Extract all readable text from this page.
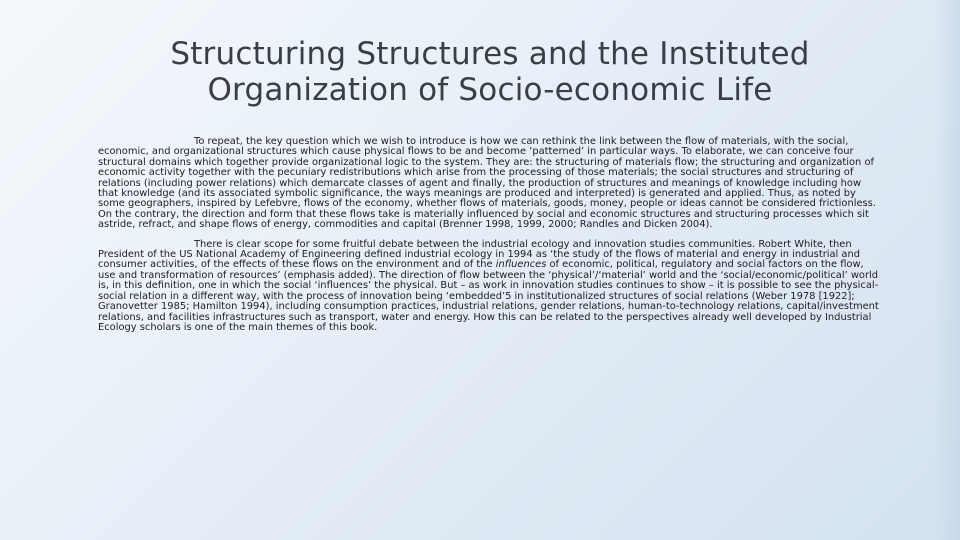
Structuring Structures and the Instituted
Organization of Socio-economic Life

To repeat, the key question which we wish to introduce is how we can rethink the link between the flow of materials, with the social, economic, and organizational structures which cause physical flows to be and become ‘patterned’ in particular ways. To elaborate, we can conceive four structural domains which together provide organizational logic to the system. They are: the structuring of materials flow; the structuring and organization of economic activity together with the pecuniary redistributions which arise from the processing of those materials; the social structures and structuring of relations (including power relations) which demarcate classes of agent and finally, the production of structures and meanings of knowledge including how that knowledge (and its associated symbolic significance, the ways meanings are produced and interpreted) is generated and applied. Thus, as noted by some geographers, inspired by Lefebvre, flows of the economy, whether flows of materials, goods, money, people or ideas cannot be considered frictionless. On the contrary, the direction and form that these flows take is materially influenced by social and economic structures and structuring processes which sit astride, refract, and shape flows of energy, commodities and capital (Brenner 1998, 1999, 2000; Randles and Dicken 2004).

There is clear scope for some fruitful debate between the industrial ecology and innovation studies communities. Robert White, then President of the US National Academy of Engineering defined industrial ecology in 1994 as ‘the study of the flows of material and energy in industrial and consumer activities, of the effects of these flows on the environment and of the influences of economic, political, regulatory and social factors on the flow, use and transformation of resources’ (emphasis added). The direction of flow between the ‘physical’/‘material’ world and the ‘social/economic/political’ world is, in this definition, one in which the social ‘influences’ the physical. But – as work in innovation studies continues to show – it is possible to see the physical-social relation in a different way, with the process of innovation being ‘embedded’5 in institutionalized structures of social relations (Weber 1978 [1922]; Granovetter 1985; Hamilton 1994), including consumption practices, industrial relations, gender relations, human-to-technology relations, capital/investment relations, and facilities infrastructures such as transport, water and energy. How this can be related to the perspectives already well developed by Industrial Ecology scholars is one of the main themes of this book.
